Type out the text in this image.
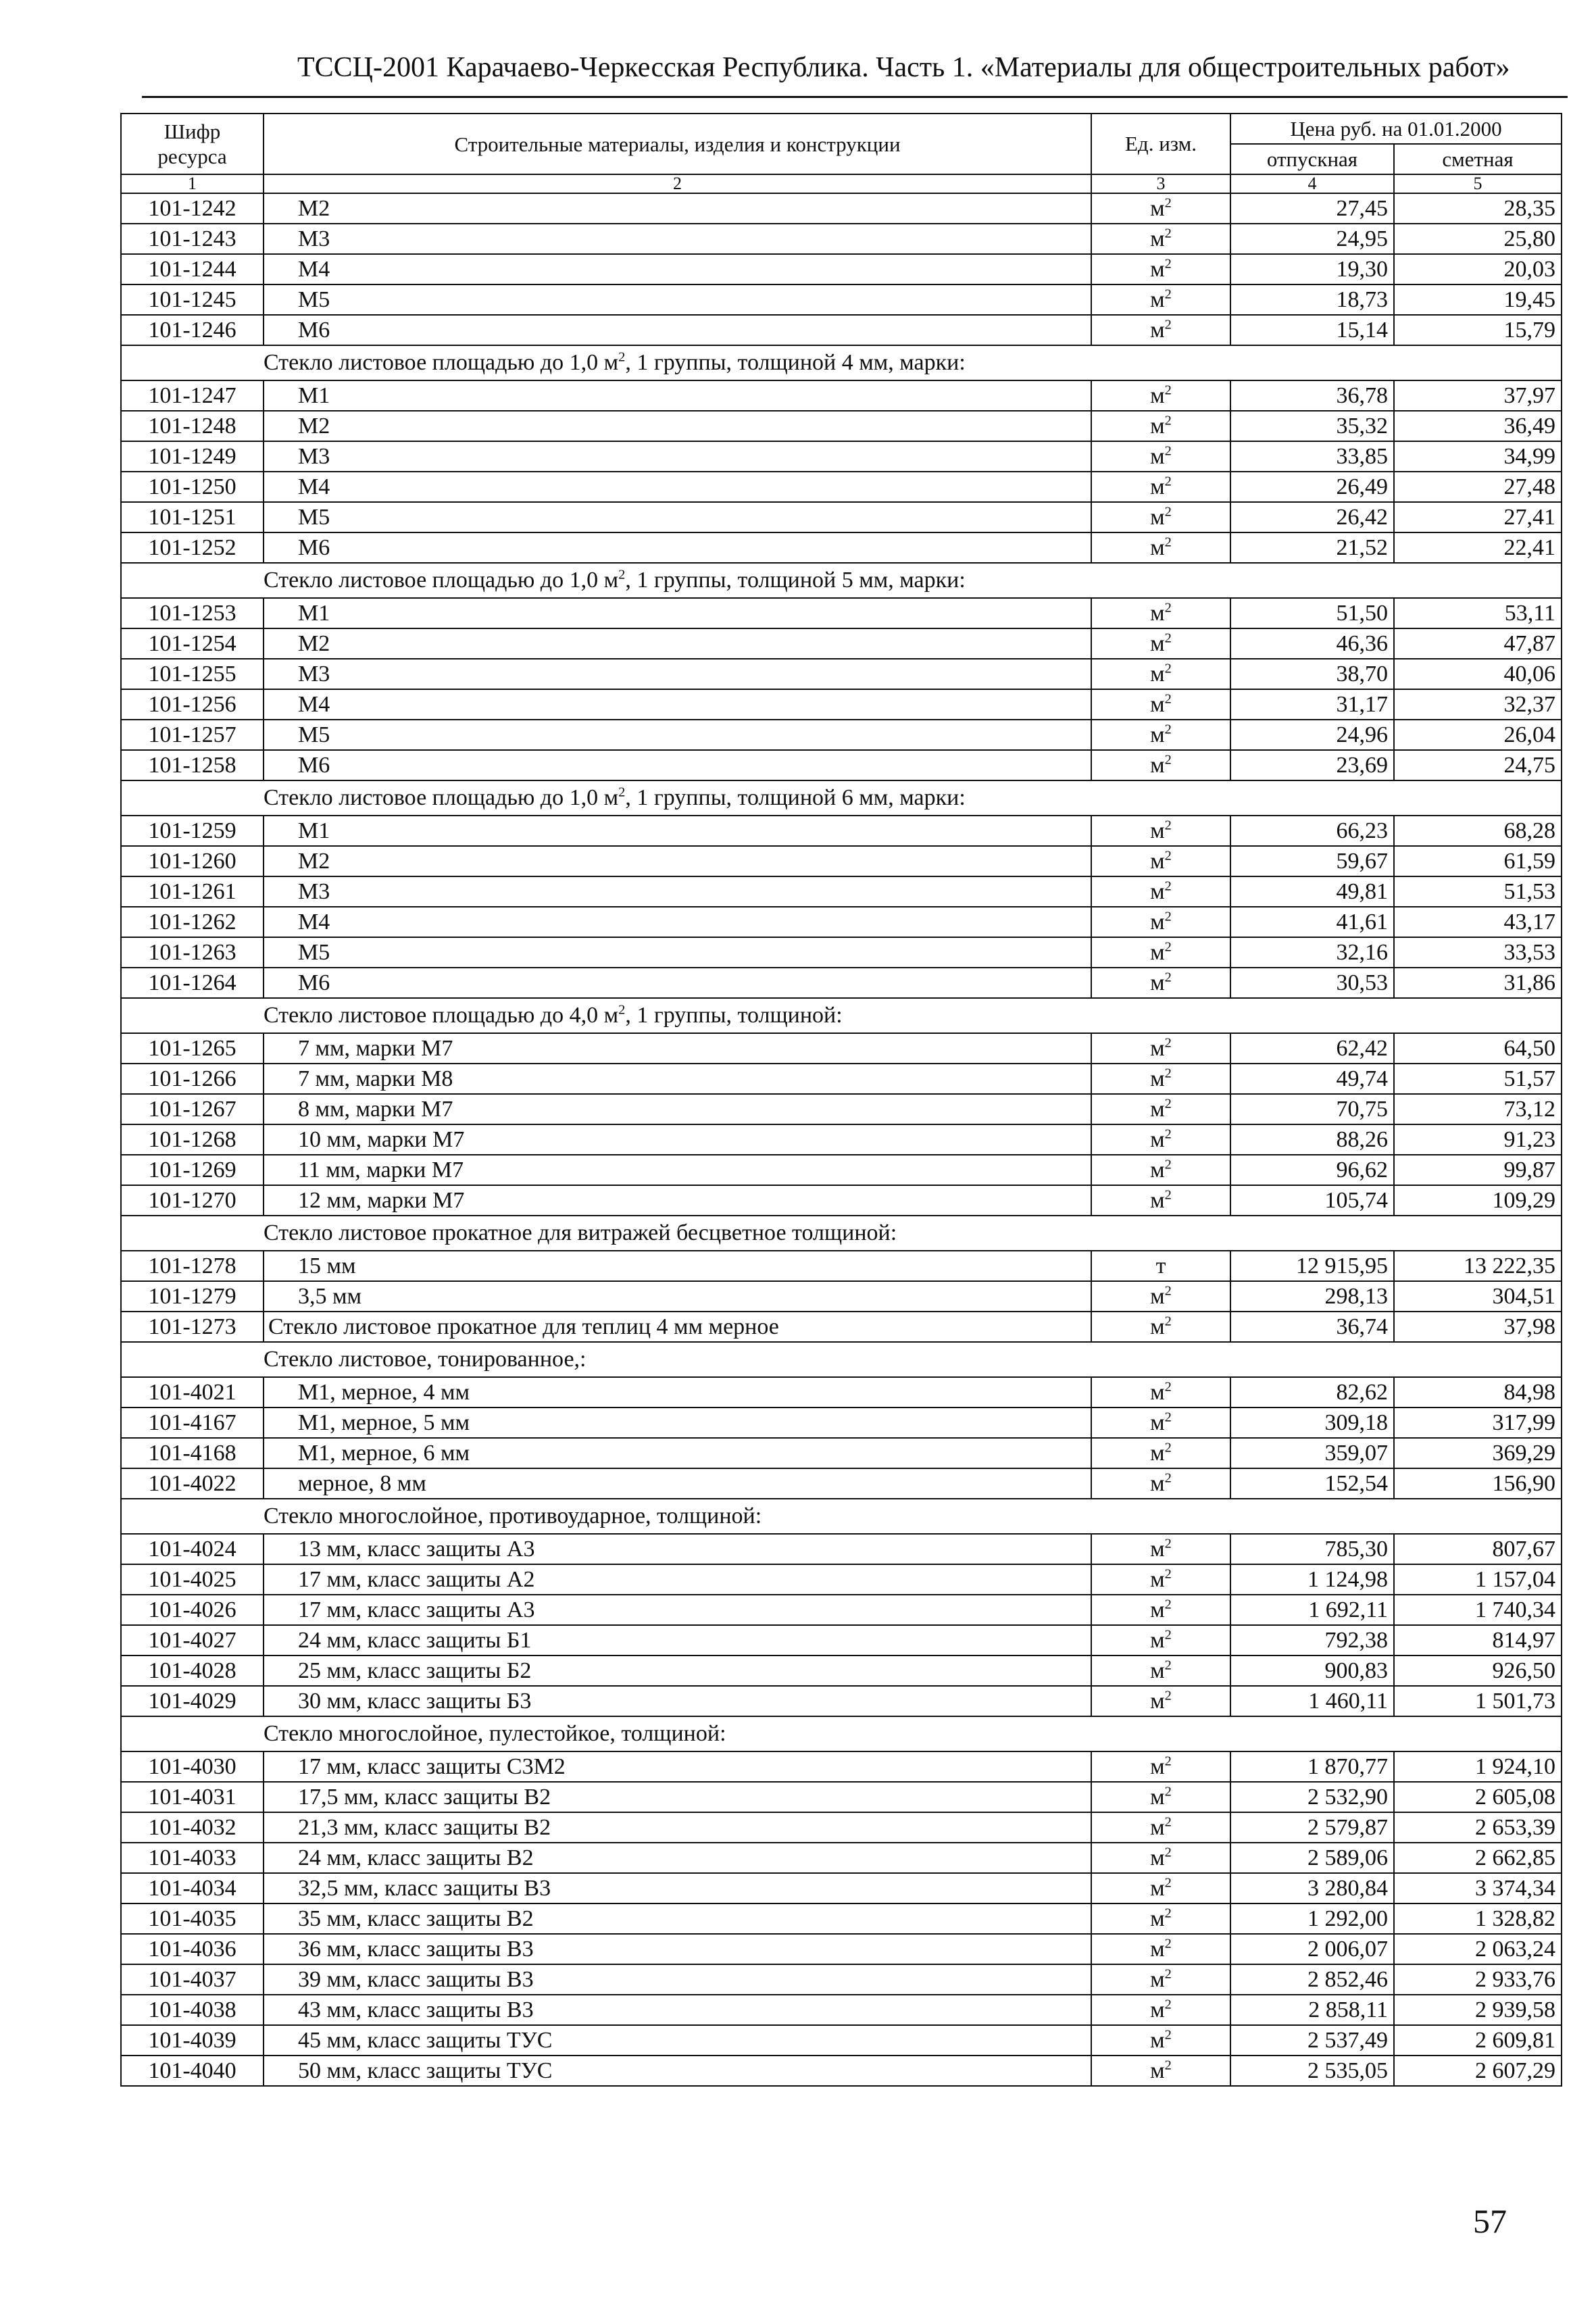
ТССЦ-2001 Карачаево-Черкесская Республика. Часть 1. «Материалы для общестроительных работ»
Шифр ресурса	Строительные материалы, изделия и конструкции	Ед. изм.	Цена руб. на 01.01.2000	
			отпускная	сметная
1	2	3	4	5
101-1242	М2	$м^2$	27,45	28,35
101-1243	М3	$м^2$	24,95	25,80
101-1244	М4	$м^2$	19,30	20,03
101-1245	М5	$м^2$	18,73	19,45
101-1246	М6	$м^2$	15,14	15,79
Стекло листовое площадью до 1,0 $м^2$, 1 группы, толщиной 4 мм, марки:				
101-1247	М1	$м^2$	36,78	37,97
101-1248	М2	$м^2$	35,32	36,49
101-1249	М3	$м^2$	33,85	34,99
101-1250	М4	$м^2$	26,49	27,48
101-1251	М5	$м^2$	26,42	27,41
101-1252	М6	$м^2$	21,52	22,41
Стекло листовое площадью до 1,0 $м^2$, 1 группы, толщиной 5 мм, марки:				
101-1253	М1	$м^2$	51,50	53,11
101-1254	М2	$м^2$	46,36	47,87
101-1255	М3	$м^2$	38,70	40,06
101-1256	М4	$м^2$	31,17	32,37
101-1257	М5	$м^2$	24,96	26,04
101-1258	М6	$м^2$	23,69	24,75
Стекло листовое площадью до 1,0 $м^2$, 1 группы, толщиной 6 мм, марки:				
101-1259	М1	$м^2$	66,23	68,28
101-1260	М2	$м^2$	59,67	61,59
101-1261	М3	$м^2$	49,81	51,53
101-1262	М4	$м^2$	41,61	43,17
101-1263	М5	$м^2$	32,16	33,53
101-1264	М6	$м^2$	30,53	31,86
Стекло листовое площадью до 4,0 $м^2$, 1 группы, толщиной:				
101-1265	7 мм, марки М7	$м^2$	62,42	64,50
101-1266	7 мм, марки М8	$м^2$	49,74	51,57
101-1267	8 мм, марки М7	$м^2$	70,75	73,12
101-1268	10 мм, марки М7	$м^2$	88,26	91,23
101-1269	11 мм, марки М7	$м^2$	96,62	99,87
101-1270	12 мм, марки М7	$м^2$	105,74	109,29
Стекло листовое прокатное для витражей бесцветное толщиной:				
101-1278	15 мм	т	12 915,95	13 222,35
101-1279	3,5 мм	$м^2$	298,13	304,51
101-1273	Стекло листовое прокатное для теплиц 4 мм мерное	$м^2$	36,74	37,98
Стекло листовое, тонированное,:				
101-4021	М1, мерное, 4 мм	$м^2$	82,62	84,98
101-4167	М1, мерное, 5 мм	$м^2$	309,18	317,99
101-4168	М1, мерное, 6 мм	$м^2$	359,07	369,29
101-4022	мерное, 8 мм	$м^2$	152,54	156,90
Стекло многослойное, противоударное, толщиной:				
101-4024	13 мм, класс защиты А3	$м^2$	785,30	807,67
101-4025	17 мм, класс защиты А2	$м^2$	1 124,98	1 157,04
101-4026	17 мм, класс защиты А3	$м^2$	1 692,11	1 740,34
101-4027	24 мм, класс защиты Б1	$м^2$	792,38	814,97
101-4028	25 мм, класс защиты Б2	$м^2$	900,83	926,50
101-4029	30 мм, класс защиты Б3	$м^2$	1 460,11	1 501,73
Стекло многослойное, пулестойкое, толщиной:				
101-4030	17 мм, класс защиты С3М2	$м^2$	1 870,77	1 924,10
101-4031	17,5 мм, класс защиты В2	$м^2$	2 532,90	2 605,08
101-4032	21,3 мм, класс защиты В2	$м^2$	2 579,87	2 653,39
101-4033	24 мм, класс защиты В2	$м^2$	2 589,06	2 662,85
101-4034	32,5 мм, класс защиты В3	$м^2$	3 280,84	3 374,34
101-4035	35 мм, класс защиты В2	$м^2$	1 292,00	1 328,82
101-4036	36 мм, класс защиты В3	$м^2$	2 006,07	2 063,24
101-4037	39 мм, класс защиты В3	$м^2$	2 852,46	2 933,76
101-4038	43 мм, класс защиты В3	$м^2$	2 858,11	2 939,58
101-4039	45 мм, класс защиты ТУС	$м^2$	2 537,49	2 609,81
101-4040	50 мм, класс защиты ТУС	$м^2$	2 535,05	2 607,29
57
